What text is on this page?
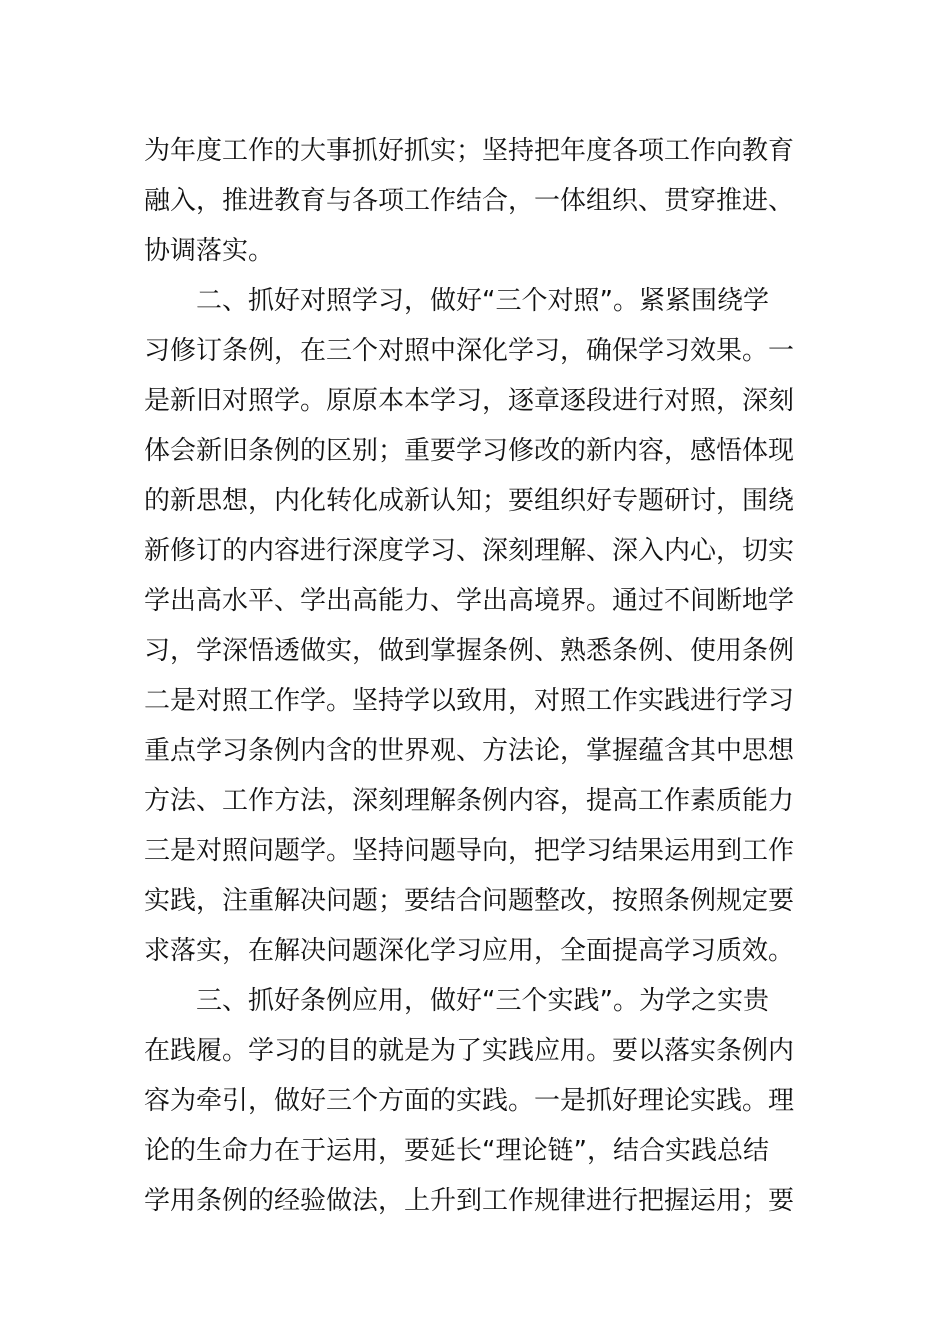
为年度工作的大事抓好抓实；坚持把年度各项工作向教育
融入，推进教育与各项工作结合，一体组织、贯穿推进、
协调落实。
二、抓好对照学习，做好“三个对照”。紧紧围绕学
习修订条例，在三个对照中深化学习，确保学习效果。一
是新旧对照学。原原本本学习，逐章逐段进行对照，深刻
体会新旧条例的区别；重要学习修改的新内容，感悟体现
的新思想，内化转化成新认知；要组织好专题研讨，围绕
新修订的内容进行深度学习、深刻理解、深入内心，切实
学出高水平、学出高能力、学出高境界。通过不间断地学
习，学深悟透做实，做到掌握条例、熟悉条例、使用条例
二是对照工作学。坚持学以致用，对照工作实践进行学习
重点学习条例内含的世界观、方法论，掌握蕴含其中思想
方法、工作方法，深刻理解条例内容，提高工作素质能力
三是对照问题学。坚持问题导向，把学习结果运用到工作
实践，注重解决问题；要结合问题整改，按照条例规定要
求落实，在解决问题深化学习应用，全面提高学习质效。
三、抓好条例应用，做好“三个实践”。为学之实贵
在践履。学习的目的就是为了实践应用。要以落实条例内
容为牵引，做好三个方面的实践。一是抓好理论实践。理
论的生命力在于运用，要延长“理论链”，结合实践总结
学用条例的经验做法，上升到工作规律进行把握运用；要
